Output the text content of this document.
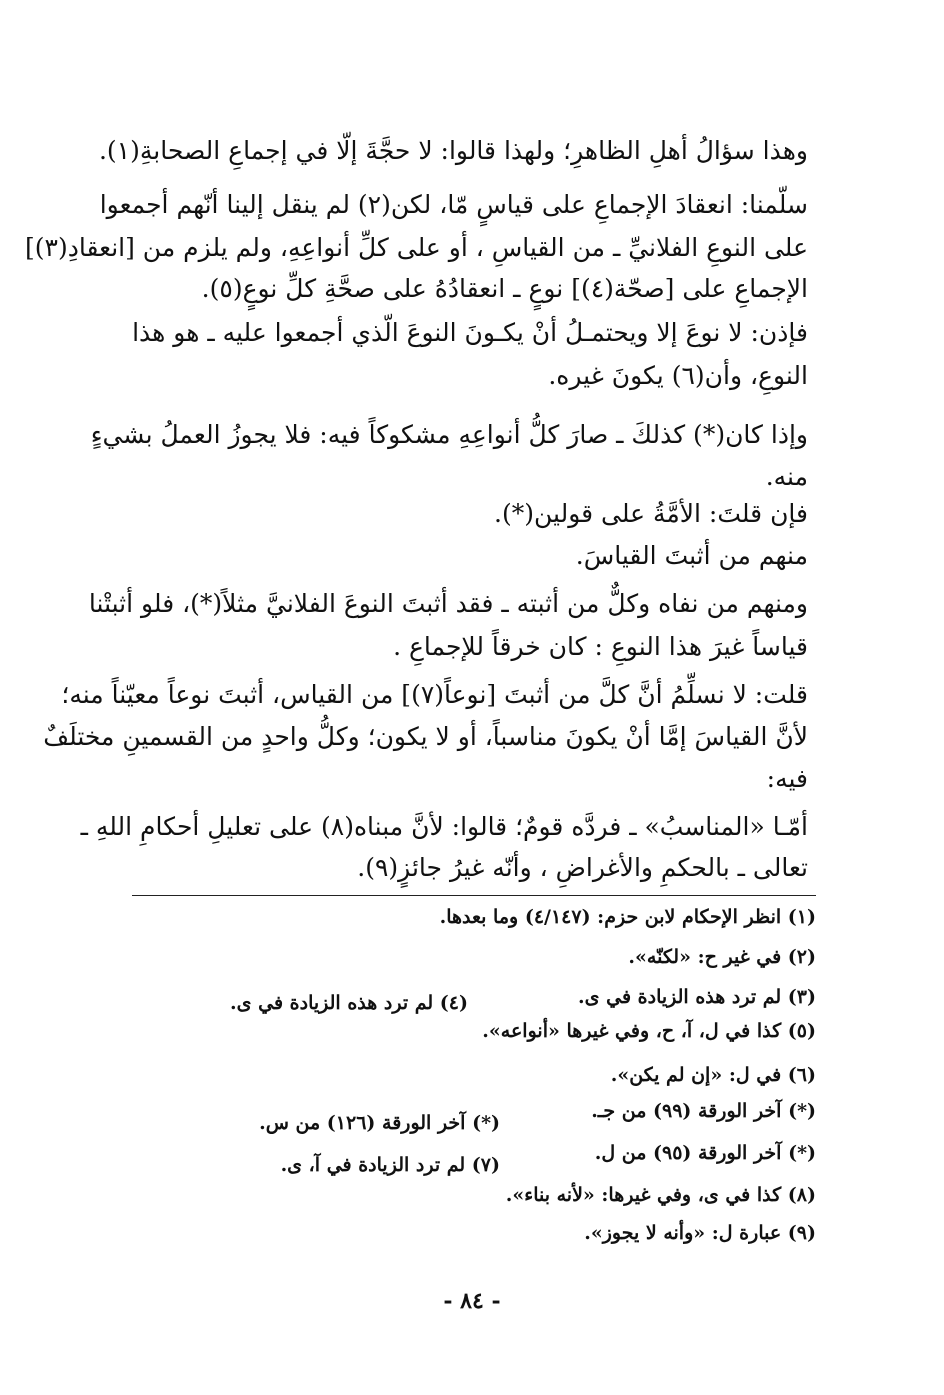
وهذا سؤالُ أهلِ الظاهرِ؛ ولهذا قالوا: لا حجَّةَ إلّا في إجماعِ الصحابةِ(١).
سلّمنا: انعقادَ الإجماعِ على قياسٍ مّا، لكن(٢) لم ينقل إلينا أنّهم أجمعوا
على النوعِ الفلانيِّ ـ من القياسِ ، أو على كلِّ أنواعِهِ، ولم يلزم من [انعقادِ(٣)]
الإجماعِ على [صحّة(٤)] نوعٍ ـ انعقادُهُ على صحَّةِ كلِّ نوعٍ(٥).
فإذن: لا نوعَ إلا ويحتمـلُ أنْ يكـونَ النوعَ الّذي أجمعوا عليه ـ هو هذا
النوعِ، وأن(٦) يكونَ غيره.
وإذا كان(*) كذلكَ ـ صارَ كلُّ أنواعِهِ مشكوكاً فيه: فلا يجوزُ العملُ بشيءٍ
منه.
فإن قلتَ: الأمَّةُ على قولين(*).
منهم من أثبتَ القياسَ.
ومنهم من نفاه وكلٌّ من أثبته ـ فقد أثبتَ النوعَ الفلانيَّ مثلاً(*)، فلو أثبتْنا
قياساً غيرَ هذا النوعِ : كان خرقاً للإجماعِ .
قلت: لا نسلِّمُ أنَّ كلَّ من أثبتَ [نوعاً(٧)] من القياس، أثبتَ نوعاً معيّناً منه؛
لأنَّ القياسَ إمَّا أنْ يكونَ مناسباً، أو لا يكون؛ وكلُّ واحدٍ من القسمينِ مختلَفٌ
فيه:
أمّـا «المناسبُ» ـ فردَّه قومٌ؛ قالوا: لأنَّ مبناه(٨) على تعليلِ أحكامِ اللهِ ـ
تعالى ـ بالحكمِ والأغراضِ ، وأنّه غيرُ جائزٍ(٩).
(١) انظر الإحكام لابن حزم: (٤/١٤٧) وما بعدها.
(٢) في غير ح: «لكنّه».
(٣) لم ترد هذه الزيادة في ى.
(٤) لم ترد هذه الزيادة في ى.
(٥) كذا في ل، آ، ح، وفي غيرها «أنواعه».
(٦) في ل: «إن لم يكن».
(*) آخر الورقة (٩٩) من جـ.
(*) آخر الورقة (١٢٦) من س.
(*) آخر الورقة (٩٥) من ل.
(٧) لم ترد الزيادة في آ، ى.
(٨) كذا في ى، وفي غيرها: «لأنه بناء».
(٩) عبارة ل: «وأنه لا يجوز».
- ٨٤ -
